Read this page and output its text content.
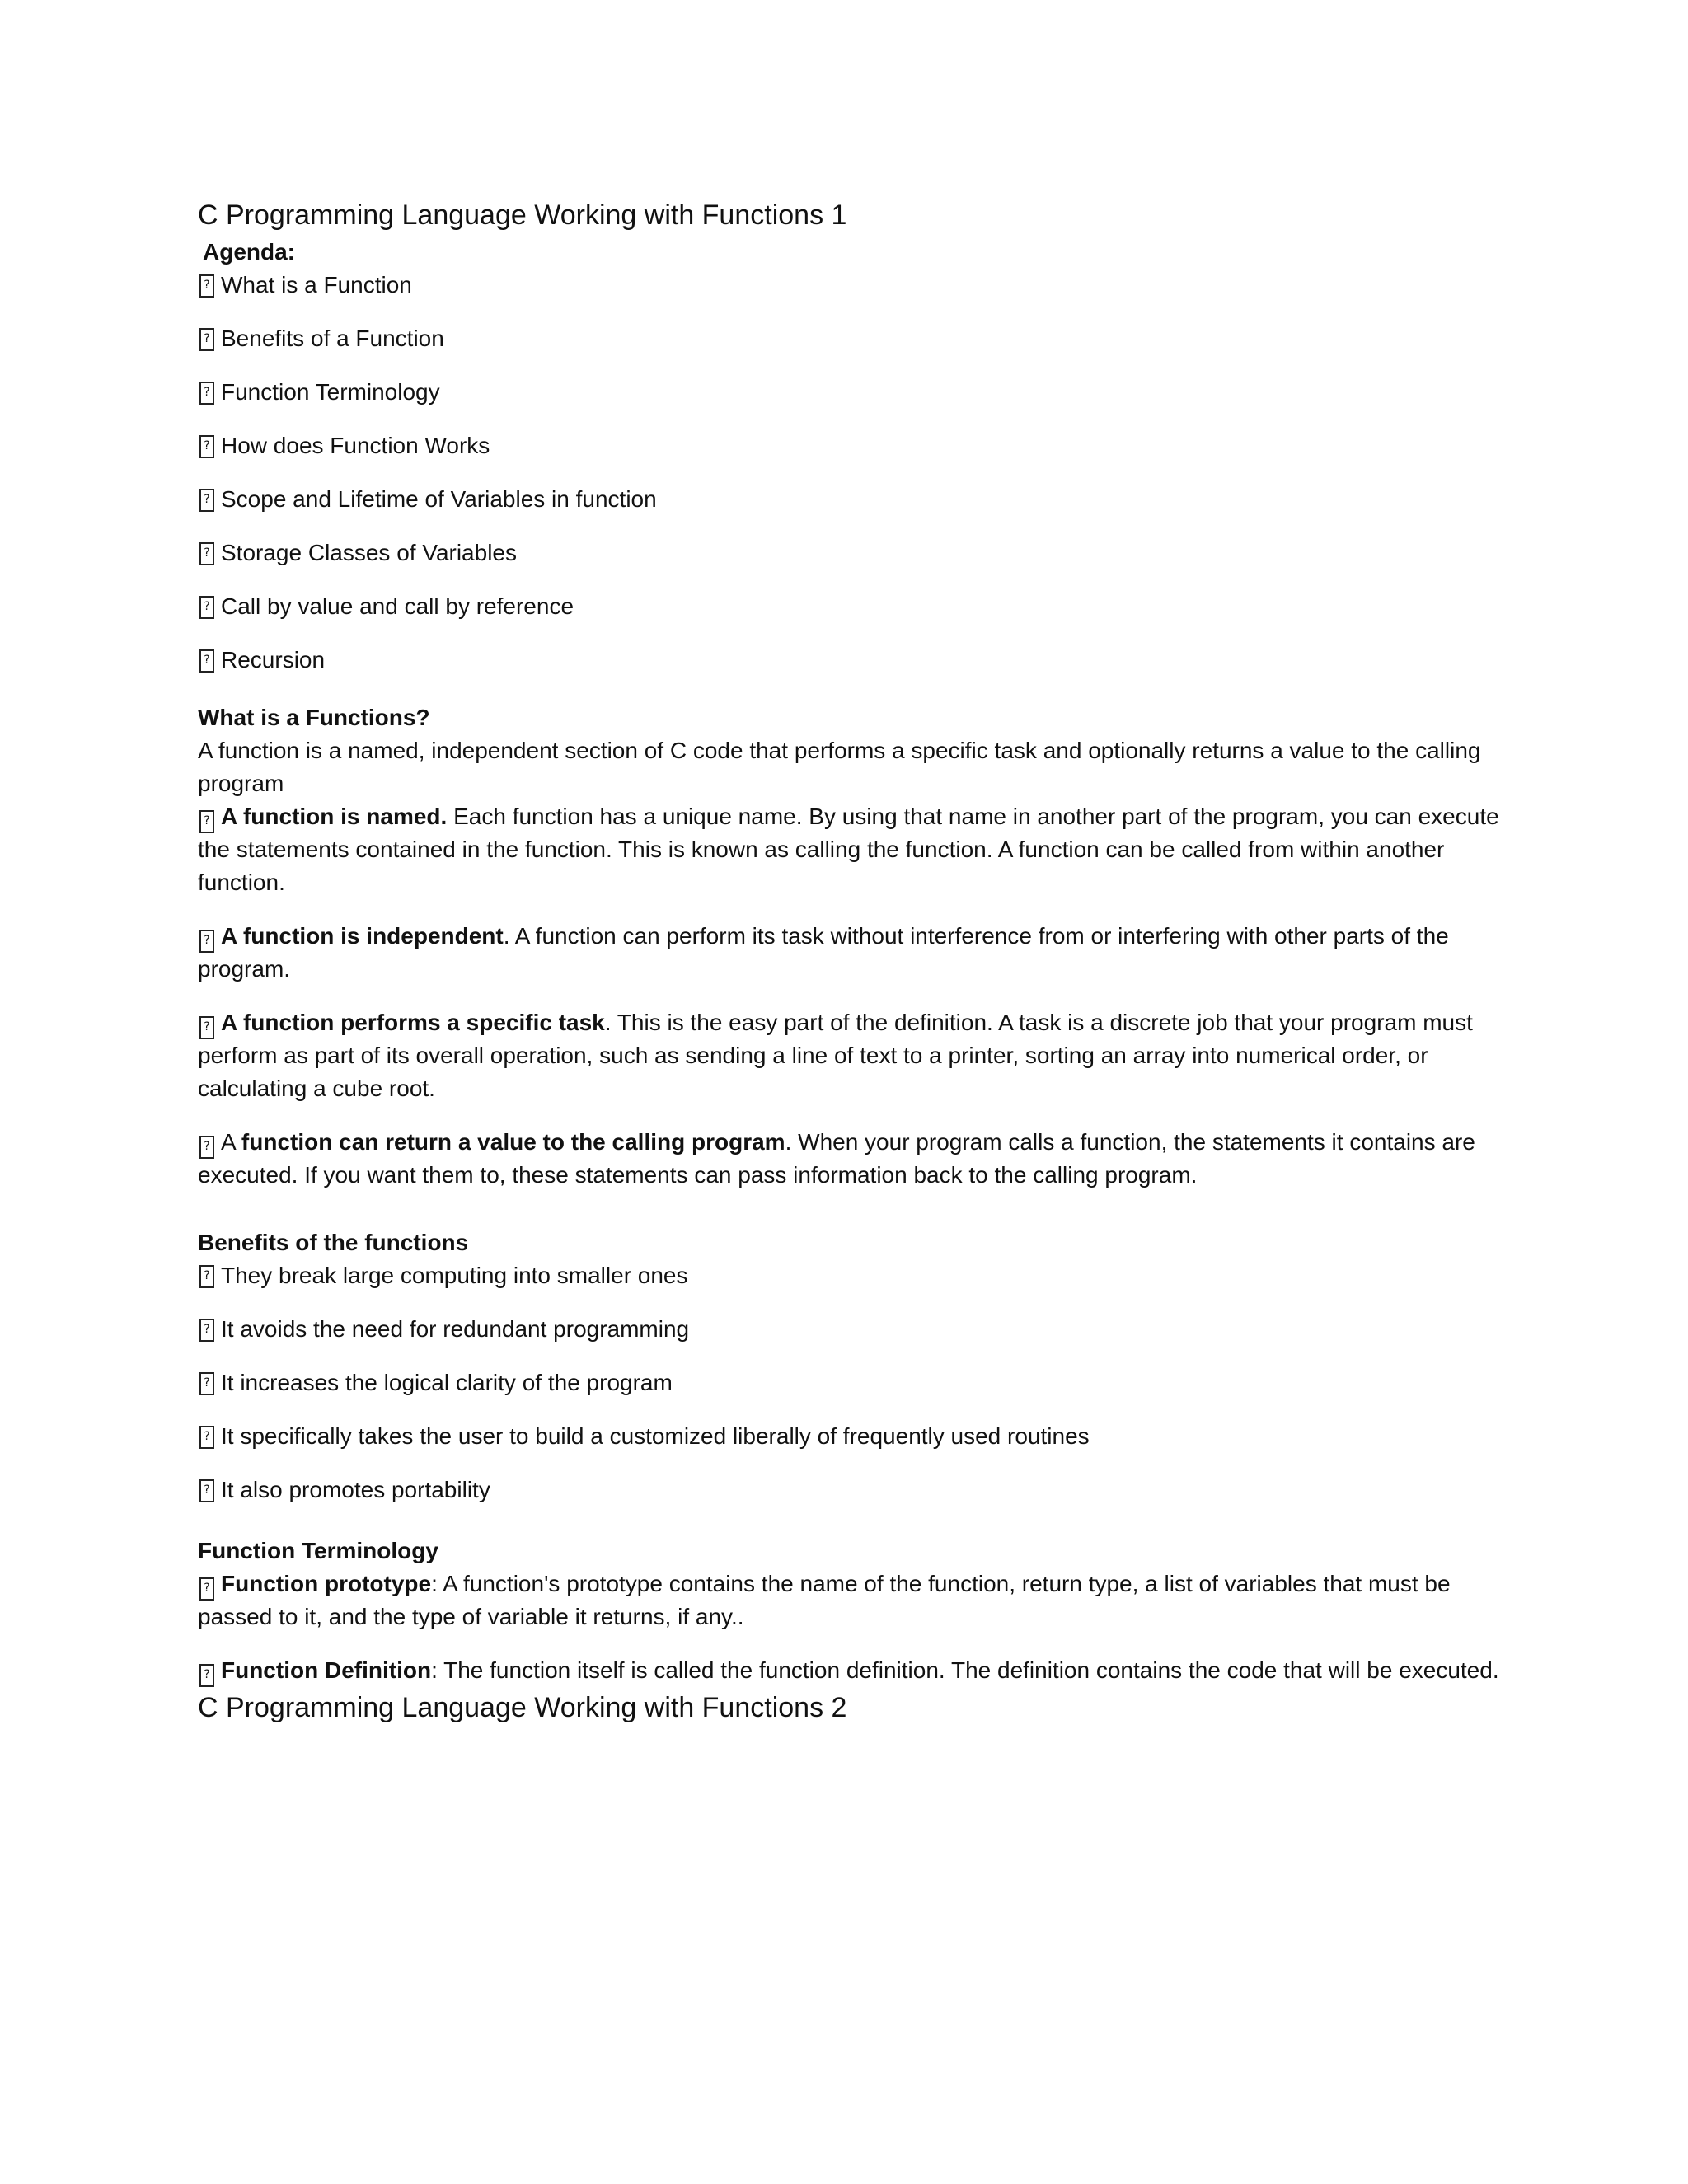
C Programming Language Working with Functions 1
Agenda:
? What is a Function
? Benefits of a Function
? Function Terminology
? How does Function Works
? Scope and Lifetime of Variables in function
? Storage Classes of Variables
? Call by value and call by reference
? Recursion
What is a Functions?
A function is a named, independent section of C code that performs a specific task and optionally returns a value to the calling program
? A function is named. Each function has a unique name. By using that name in another part of the program, you can execute the statements contained in the function. This is known as calling the function. A function can be called from within another function.
? A function is independent. A function can perform its task without interference from or interfering with other parts of the program.
? A function performs a specific task. This is the easy part of the definition. A task is a discrete job that your program must perform as part of its overall operation, such as sending a line of text to a printer, sorting an array into numerical order, or calculating a cube root.
? A function can return a value to the calling program. When your program calls a function, the statements it contains are executed. If you want them to, these statements can pass information back to the calling program.
Benefits of the functions
? They break large computing into smaller ones
? It avoids the need for redundant programming
? It increases the logical clarity of the program
? It specifically takes the user to build a customized liberally of frequently used routines
? It also promotes portability
Function Terminology
? Function prototype: A function's prototype contains the name of the function, return type, a list of variables that must be passed to it, and the type of variable it returns, if any..
? Function Definition: The function itself is called the function definition. The definition contains the code that will be executed.
C Programming Language Working with Functions 2
